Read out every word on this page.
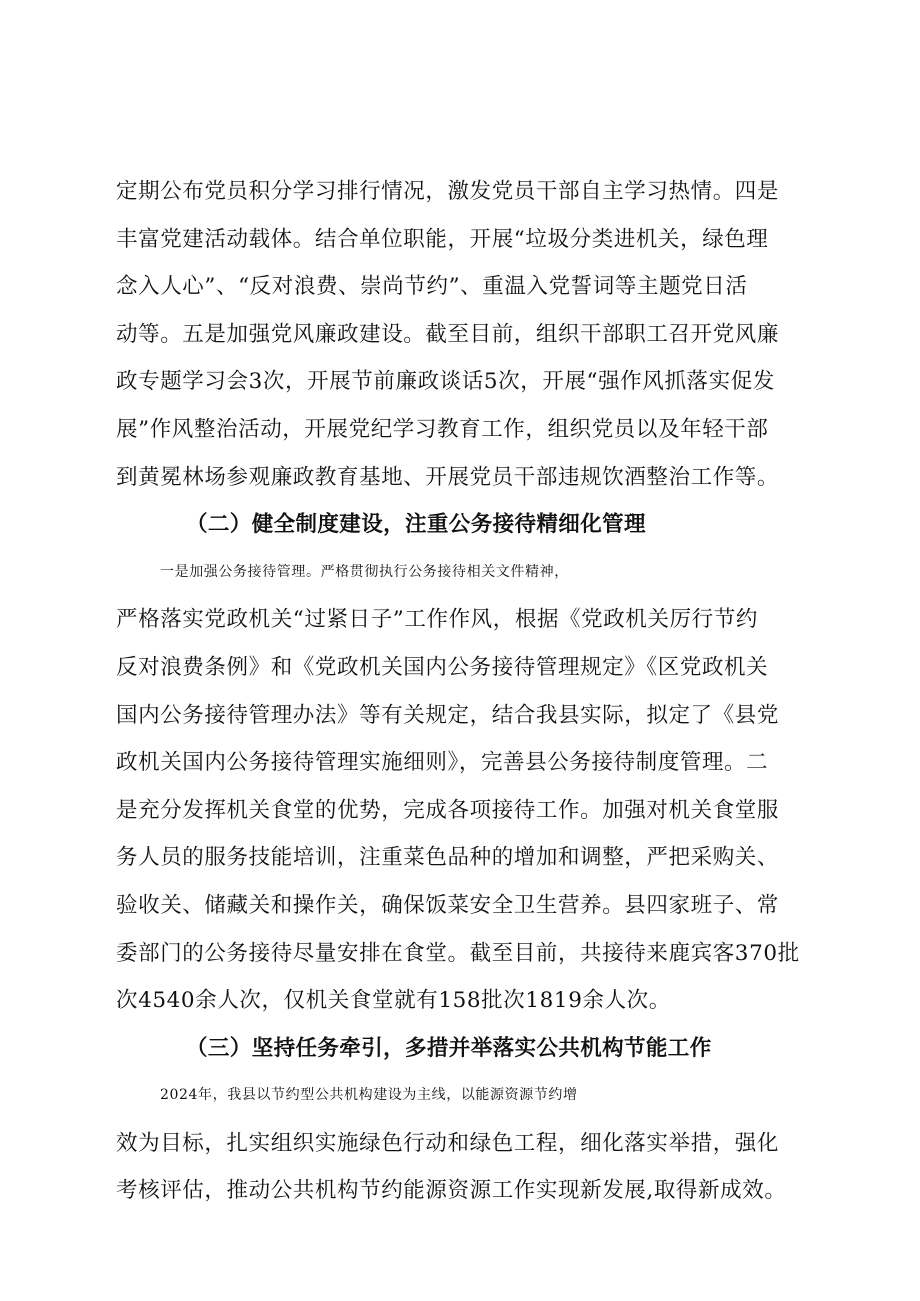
定期公布党员积分学习排行情况，激发党员干部自主学习热情。四是
丰富党建活动载体。结合单位职能，开展“垃圾分类进机关，绿色理
念入人心”、“反对浪费、崇尚节约”、重温入党誓词等主题党日活
动等。五是加强党风廉政建设。截至目前，组织干部职工召开党风廉
政专题学习会3次，开展节前廉政谈话5次，开展“强作风抓落实促发
展”作风整治活动，开展党纪学习教育工作，组织党员以及年轻干部
到黄冕林场参观廉政教育基地、开展党员干部违规饮酒整治工作等。
（二）健全制度建设，注重公务接待精细化管理
一是加强公务接待管理。严格贯彻执行公务接待相关文件精神，
严格落实党政机关“过紧日子”工作作风，根据《党政机关厉行节约
反对浪费条例》和《党政机关国内公务接待管理规定》《区党政机关
国内公务接待管理办法》等有关规定，结合我县实际，拟定了《县党
政机关国内公务接待管理实施细则》，完善县公务接待制度管理。二
是充分发挥机关食堂的优势，完成各项接待工作。加强对机关食堂服
务人员的服务技能培训，注重菜色品种的增加和调整，严把采购关、
验收关、储藏关和操作关，确保饭菜安全卫生营养。县四家班子、常
委部门的公务接待尽量安排在食堂。截至目前，共接待来鹿宾客370批
次4540余人次，仅机关食堂就有158批次1819余人次。
（三）坚持任务牵引，多措并举落实公共机构节能工作
2024年，我县以节约型公共机构建设为主线，以能源资源节约增
效为目标，扎实组织实施绿色行动和绿色工程，细化落实举措，强化
考核评估，推动公共机构节约能源资源工作实现新发展,取得新成效。
